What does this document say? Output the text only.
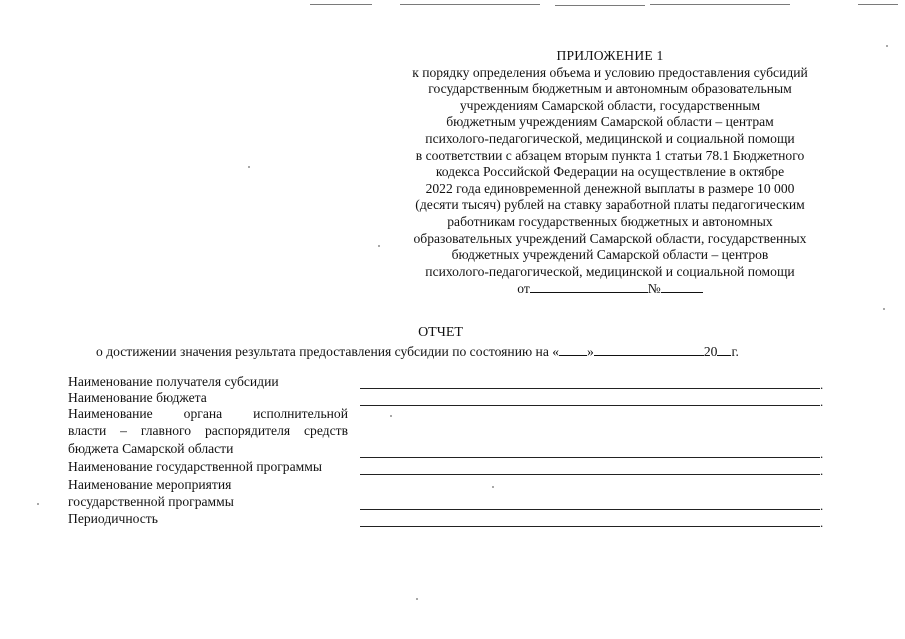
ПРИЛОЖЕНИЕ 1
к порядку определения объема и условию предоставления субсидий
государственным бюджетным и автономным образовательным
учреждениям Самарской области, государственным
бюджетным учреждениям Самарской области – центрам
психолого-педагогической, медицинской и социальной помощи
в соответствии с абзацем вторым пункта 1 статьи 78.1 Бюджетного
кодекса Российской Федерации на осуществление в октябре
2022 года единовременной денежной выплаты в размере 10 000
(десяти тысяч) рублей на ставку заработной платы педагогическим
работникам государственных бюджетных и автономных
образовательных учреждений Самарской области, государственных
бюджетных учреждений Самарской области – центров
психолого-педагогической, медицинской и социальной помощи
от	№
ОТЧЕТ
о достижении значения результата предоставления субсидии по состоянию на « »	20 г.
Наименование получателя субсидии
Наименование бюджета
Наименование органа исполнительной
власти – главного распорядителя средств
бюджета Самарской области
Наименование государственной программы
Наименование мероприятия
государственной программы
Периодичность
.
.
.
.
.
.
